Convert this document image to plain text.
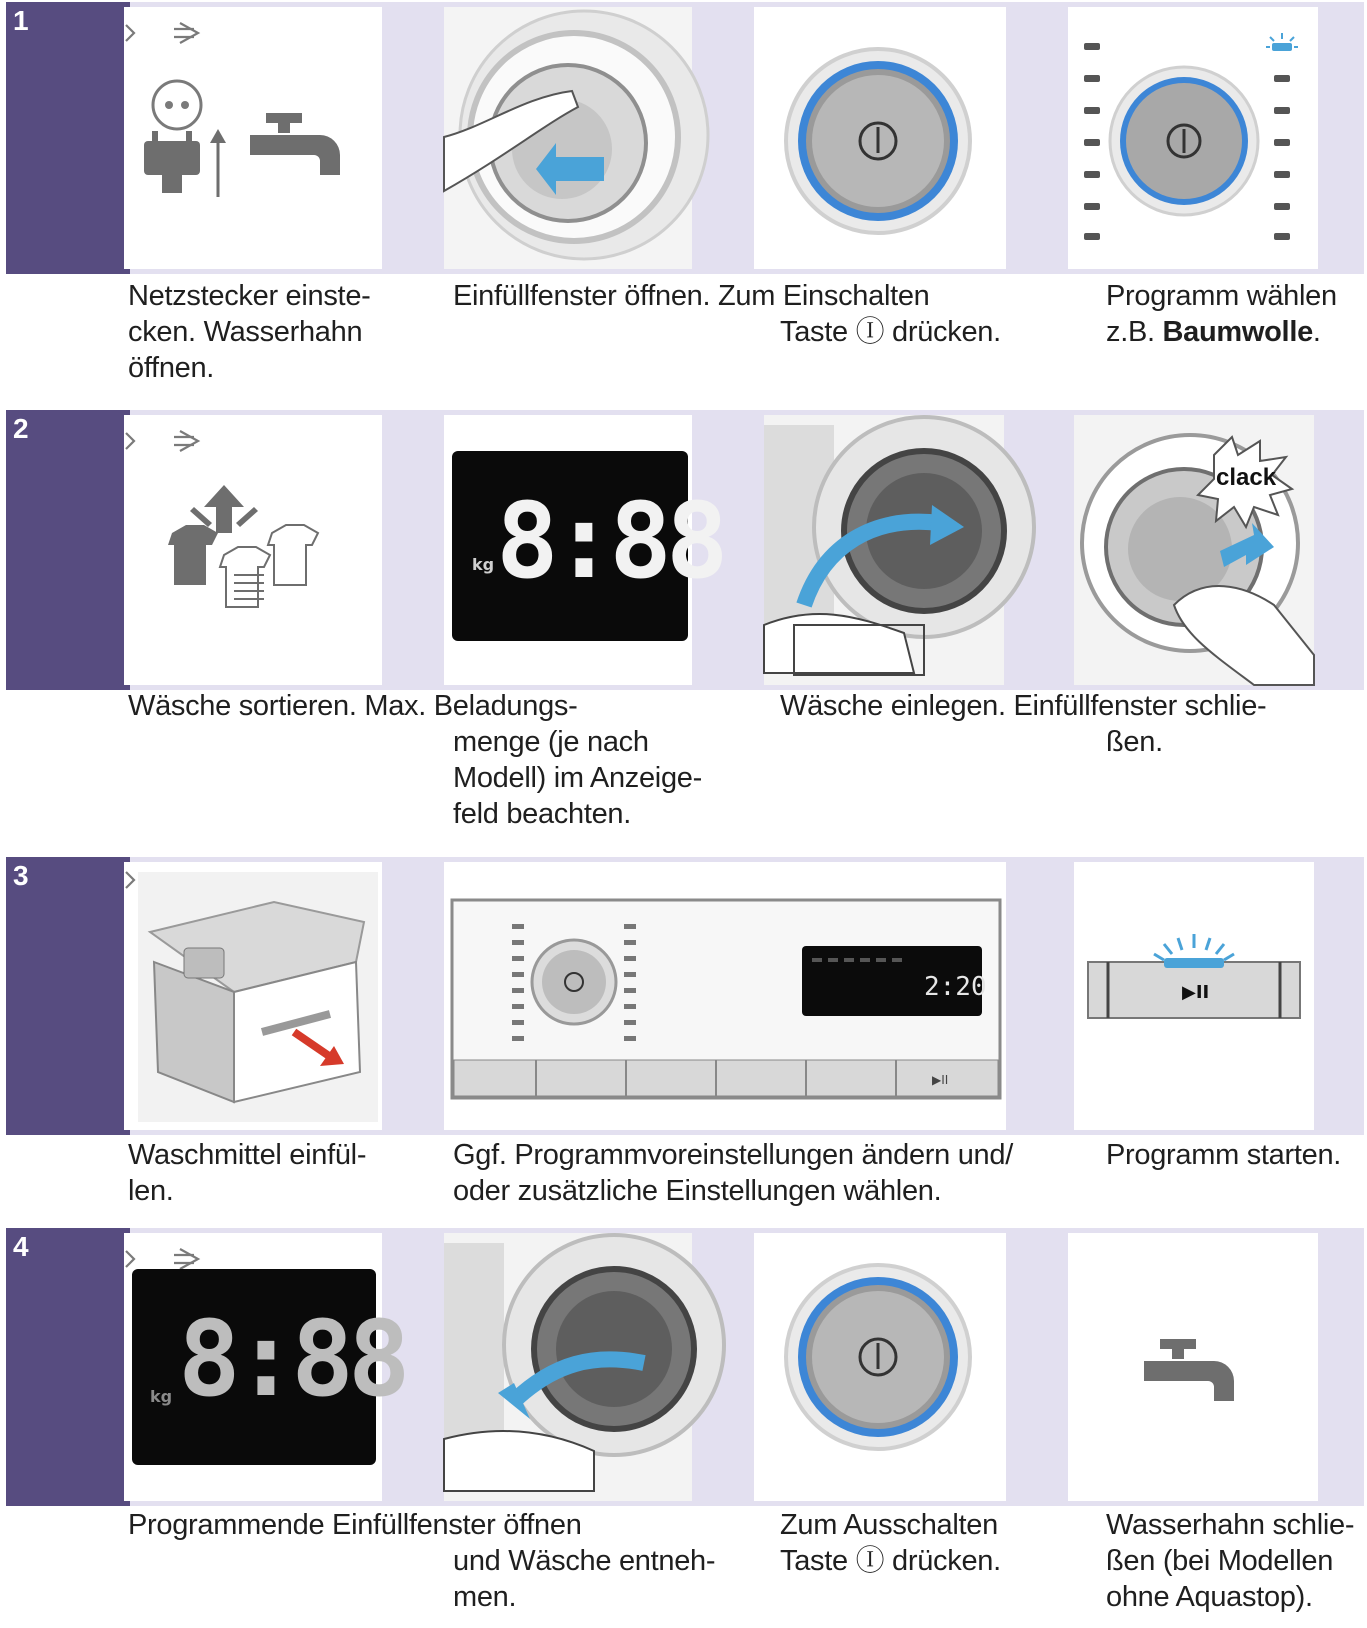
1
Netzstecker einste-
cken. Wasserhahn
öffnen.
Einfüllfenster öffnen. Zum Einschalten
Taste Ⓘ drücken.
Programm wählen
z.B. Baumwolle.
2
kg 8:88
clack
Wäsche sortieren. Max. Beladungs-
menge (je nach
Modell) im Anzeige-
feld beachten.
Wäsche einlegen. Einfüllfenster schlie-
ßen.
3
2:20
▶II
▶II
Waschmittel einfül-
len.
Ggf. Programmvoreinstellungen ändern und/
oder zusätzliche Einstellungen wählen.
Programm starten.
4
kg 8:88
Programmende Einfüllfenster öffnen
und Wäsche entneh-
men.
Zum Ausschalten
Taste Ⓘ drücken.
Wasserhahn schlie-
ßen (bei Modellen
ohne Aquastop).
